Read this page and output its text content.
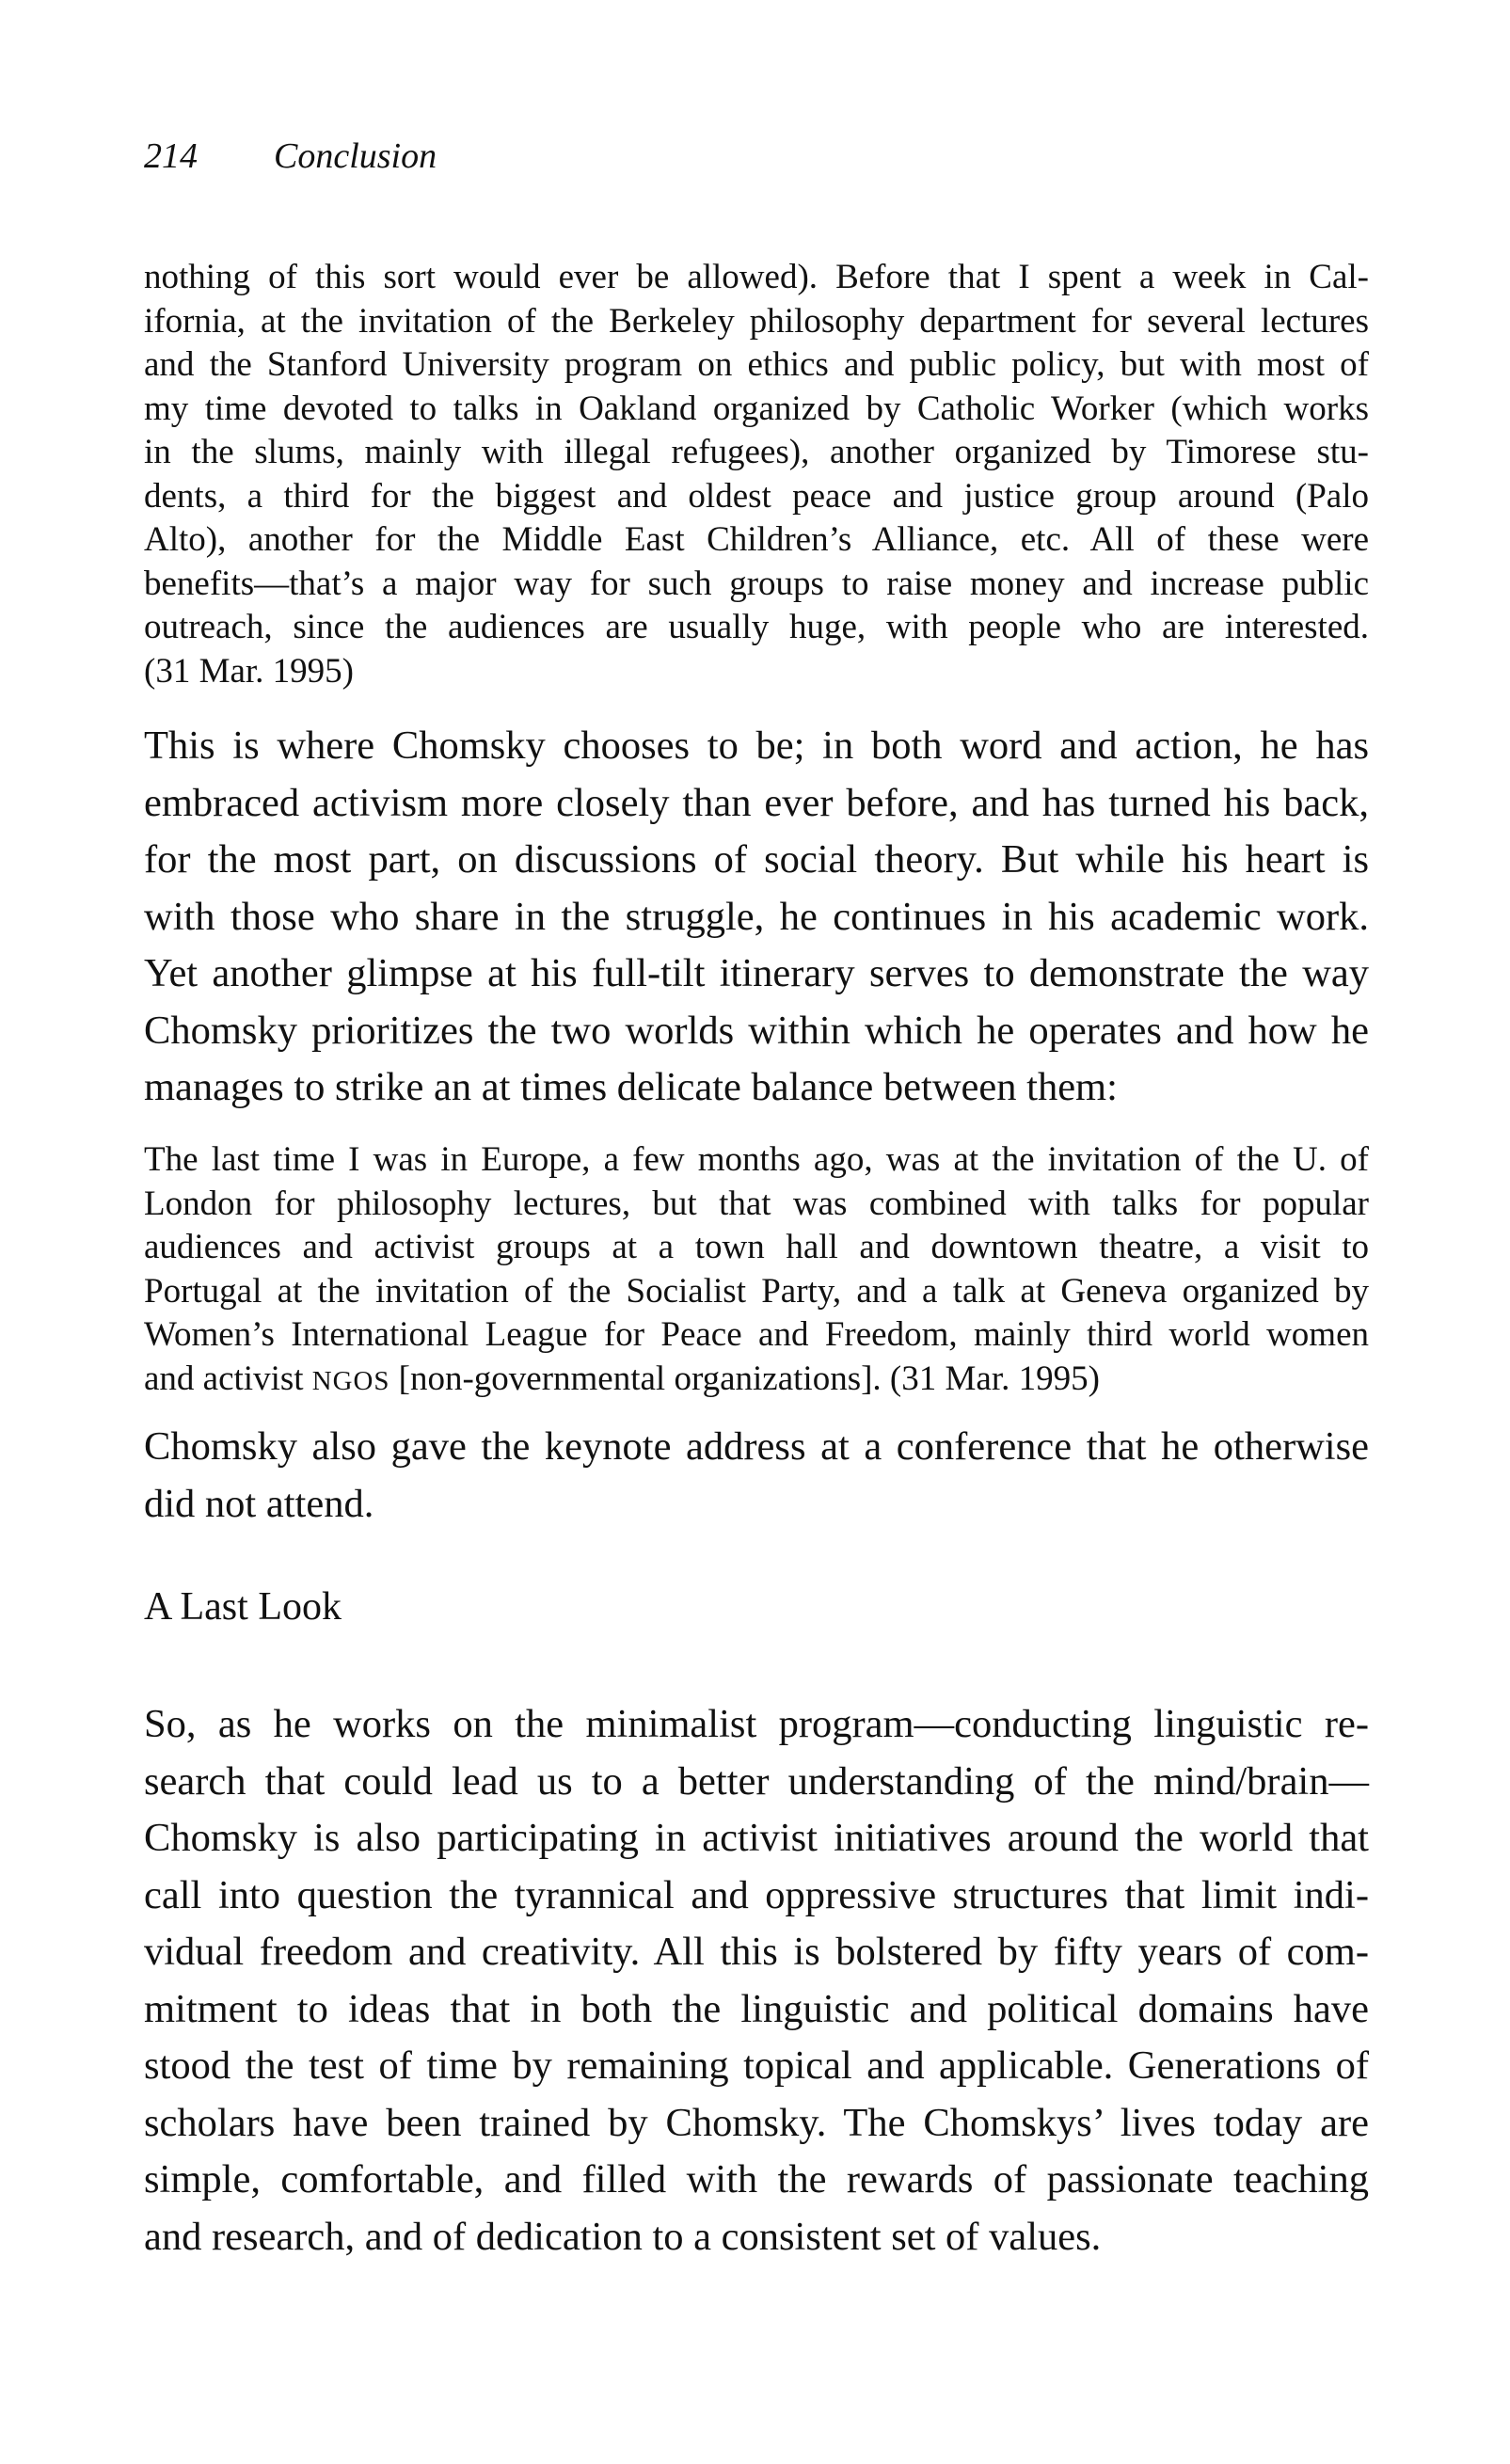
214 Conclusion
nothing of this sort would ever be allowed). Before that I spent a week in Cal-
ifornia, at the invitation of the Berkeley philosophy department for several lectures
and the Stanford University program on ethics and public policy, but with most of
my time devoted to talks in Oakland organized by Catholic Worker (which works
in the slums, mainly with illegal refugees), another organized by Timorese stu-
dents, a third for the biggest and oldest peace and justice group around (Palo
Alto), another for the Middle East Children’s Alliance, etc. All of these were
benefits—that’s a major way for such groups to raise money and increase public
outreach, since the audiences are usually huge, with people who are interested.
(31 Mar. 1995)
This is where Chomsky chooses to be; in both word and action, he has
embraced activism more closely than ever before, and has turned his back,
for the most part, on discussions of social theory. But while his heart is
with those who share in the struggle, he continues in his academic work.
Yet another glimpse at his full-tilt itinerary serves to demonstrate the way
Chomsky prioritizes the two worlds within which he operates and how he
manages to strike an at times delicate balance between them:
The last time I was in Europe, a few months ago, was at the invitation of the U. of
London for philosophy lectures, but that was combined with talks for popular
audiences and activist groups at a town hall and downtown theatre, a visit to
Portugal at the invitation of the Socialist Party, and a talk at Geneva organized by
Women’s International League for Peace and Freedom, mainly third world women
and activist NGOS [non-governmental organizations]. (31 Mar. 1995)
Chomsky also gave the keynote address at a conference that he otherwise
did not attend.
A Last Look
So, as he works on the minimalist program—conducting linguistic re-
search that could lead us to a better understanding of the mind/brain—
Chomsky is also participating in activist initiatives around the world that
call into question the tyrannical and oppressive structures that limit indi-
vidual freedom and creativity. All this is bolstered by fifty years of com-
mitment to ideas that in both the linguistic and political domains have
stood the test of time by remaining topical and applicable. Generations of
scholars have been trained by Chomsky. The Chomskys’ lives today are
simple, comfortable, and filled with the rewards of passionate teaching
and research, and of dedication to a consistent set of values.
